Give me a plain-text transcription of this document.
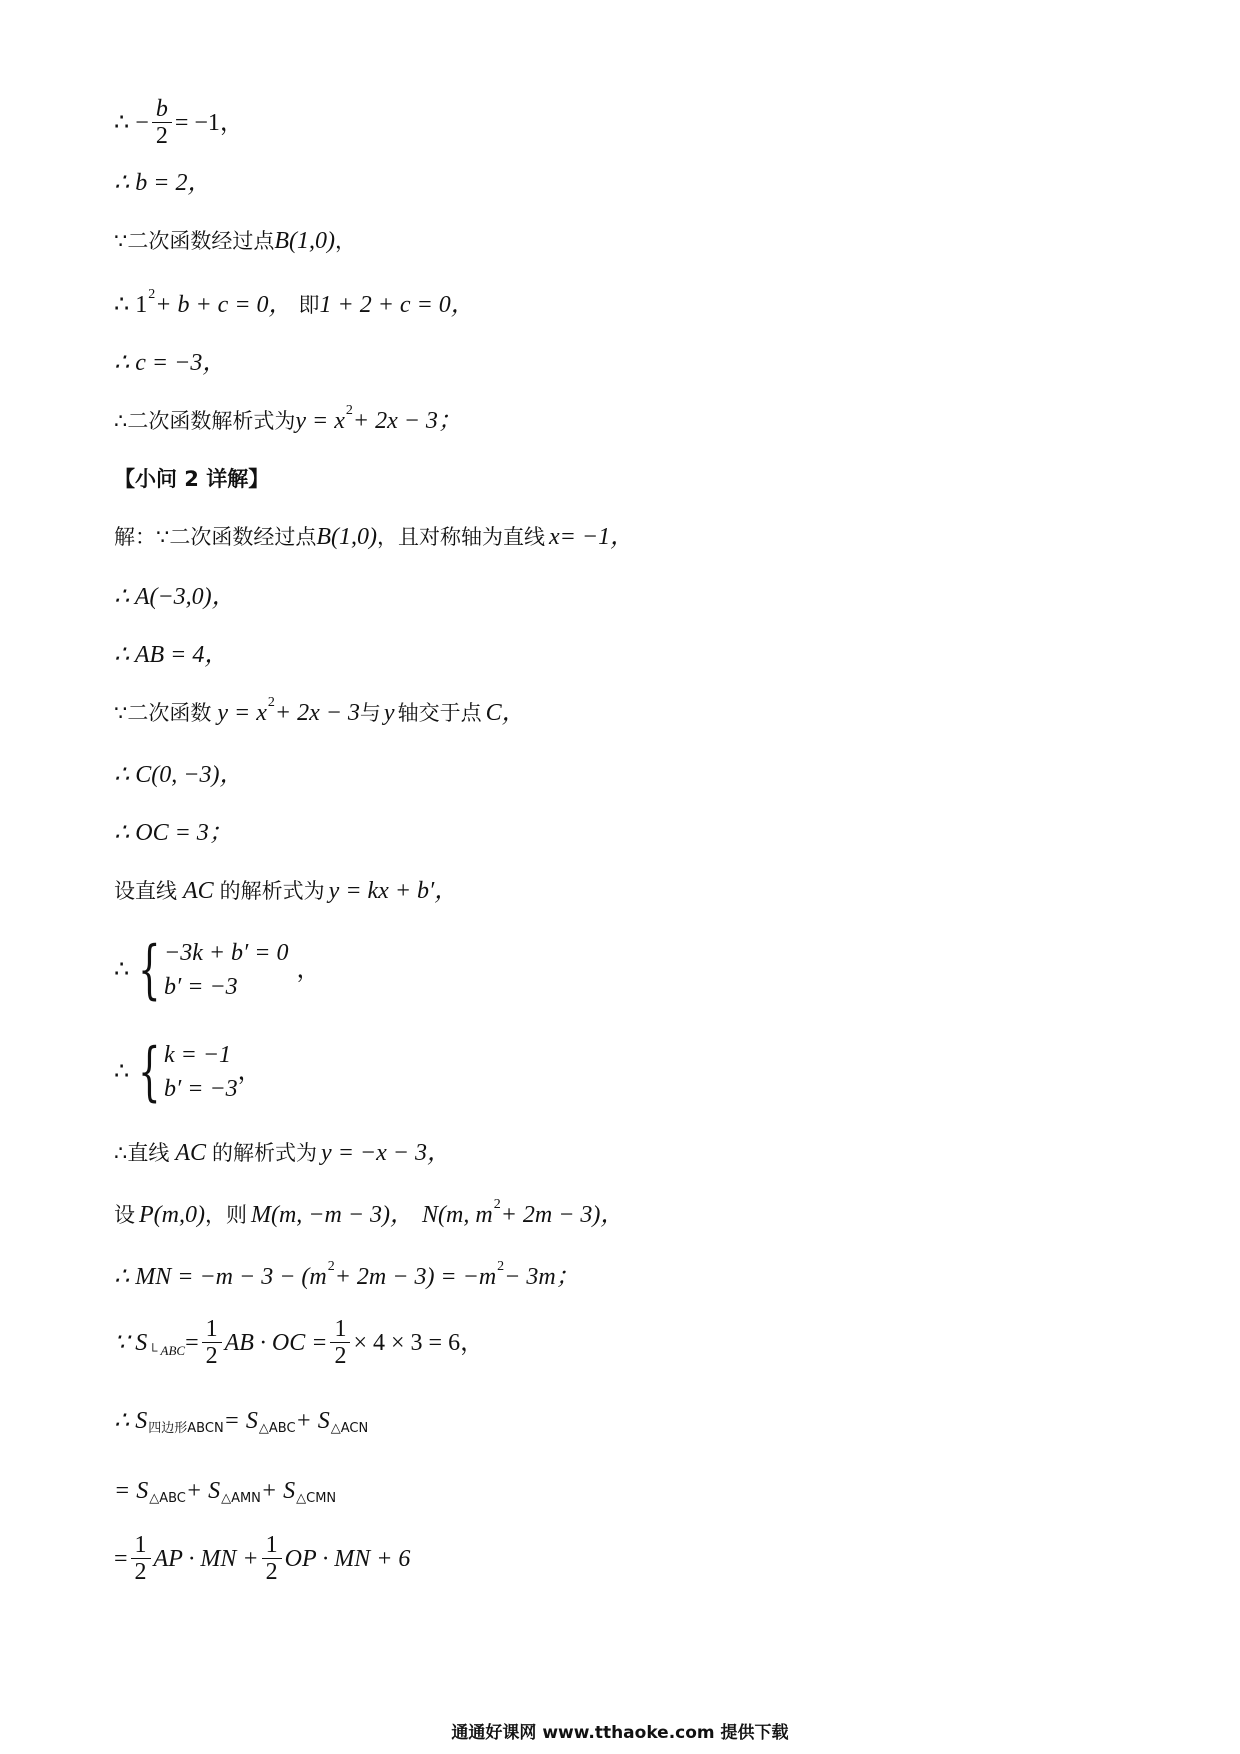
∴ − $\frac{b}{2} = -1$，
∴ b = 2，
∵二次函数经过点 B(1,0) ，
∴ 1 2 + b + c = 0， 即 1 + 2 + c = 0，
∴ c = −3，
∴二次函数解析式为 y = x 2 + 2x − 3；
【小问 2 详解】
解：∵二次函数经过点 B(1,0) ，且对称轴为直线 x= −1，
∴ A(−3,0)，
∴ AB = 4，
∵二次函数 y = x 2 + 2x − 3 与 y 轴交于点 C，
∴ C(0, −3)，
∴ OC = 3；
设直线 AC 的解析式为 y = kx + b′，
∴ { −3k + b′ = 0
b′ = −3
，
∴ { k = −1
b′ = −3
，
∴直线 AC 的解析式为 y = −x − 3，
设 P(m,0) ，则 M(m, −m − 3)， N(m, m 2 + 2m − 3)，
∴ MN = −m − 3 − (m 2 + 2m − 3) = −m 2 − 3m；
∵ S └ ABC = $\frac{1}{2}$ AB · OC = $\frac{1}{2} \times 4 \times 3 = 6$，
∴ S 四边形ABCN = S △ABC + S △ACN
= S △ABC + S △AMN + S △CMN
= $\frac{1}{2}$ AP · MN + $\frac{1}{2}$ OP · MN + 6
通通好课网 www.tthaoke.com 提供下载
